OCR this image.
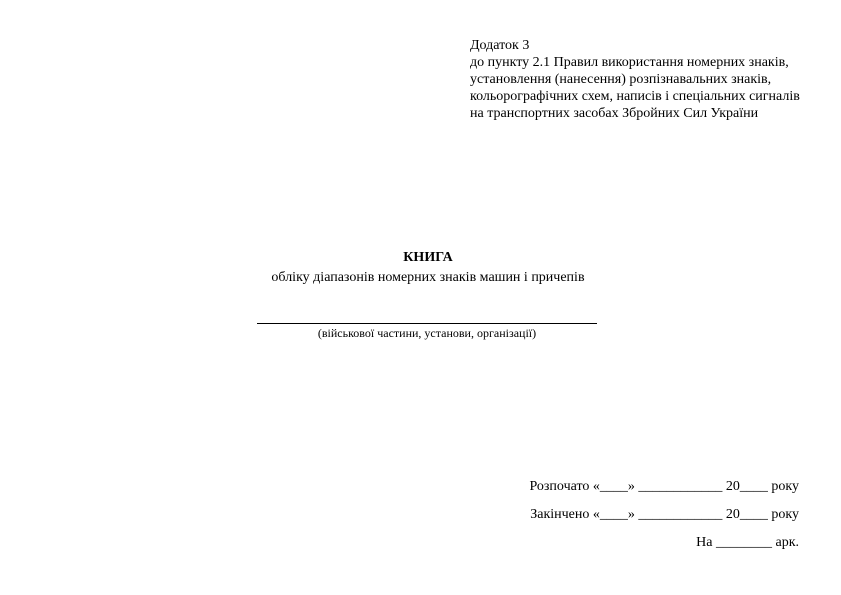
Додаток 3
до пункту 2.1 Правил використання номерних знаків,
установлення (нанесення) розпізнавальних знаків,
кольорографічних схем, написів і спеціальних сигналів
на транспортних засобах Збройних Сил України
КНИГА
обліку діапазонів номерних знаків машин і причепів
(військової частини, установи, організації)
Розпочато «____» ____________ 20____ року
Закінчено «____» ____________ 20____ року
На ________ арк.
